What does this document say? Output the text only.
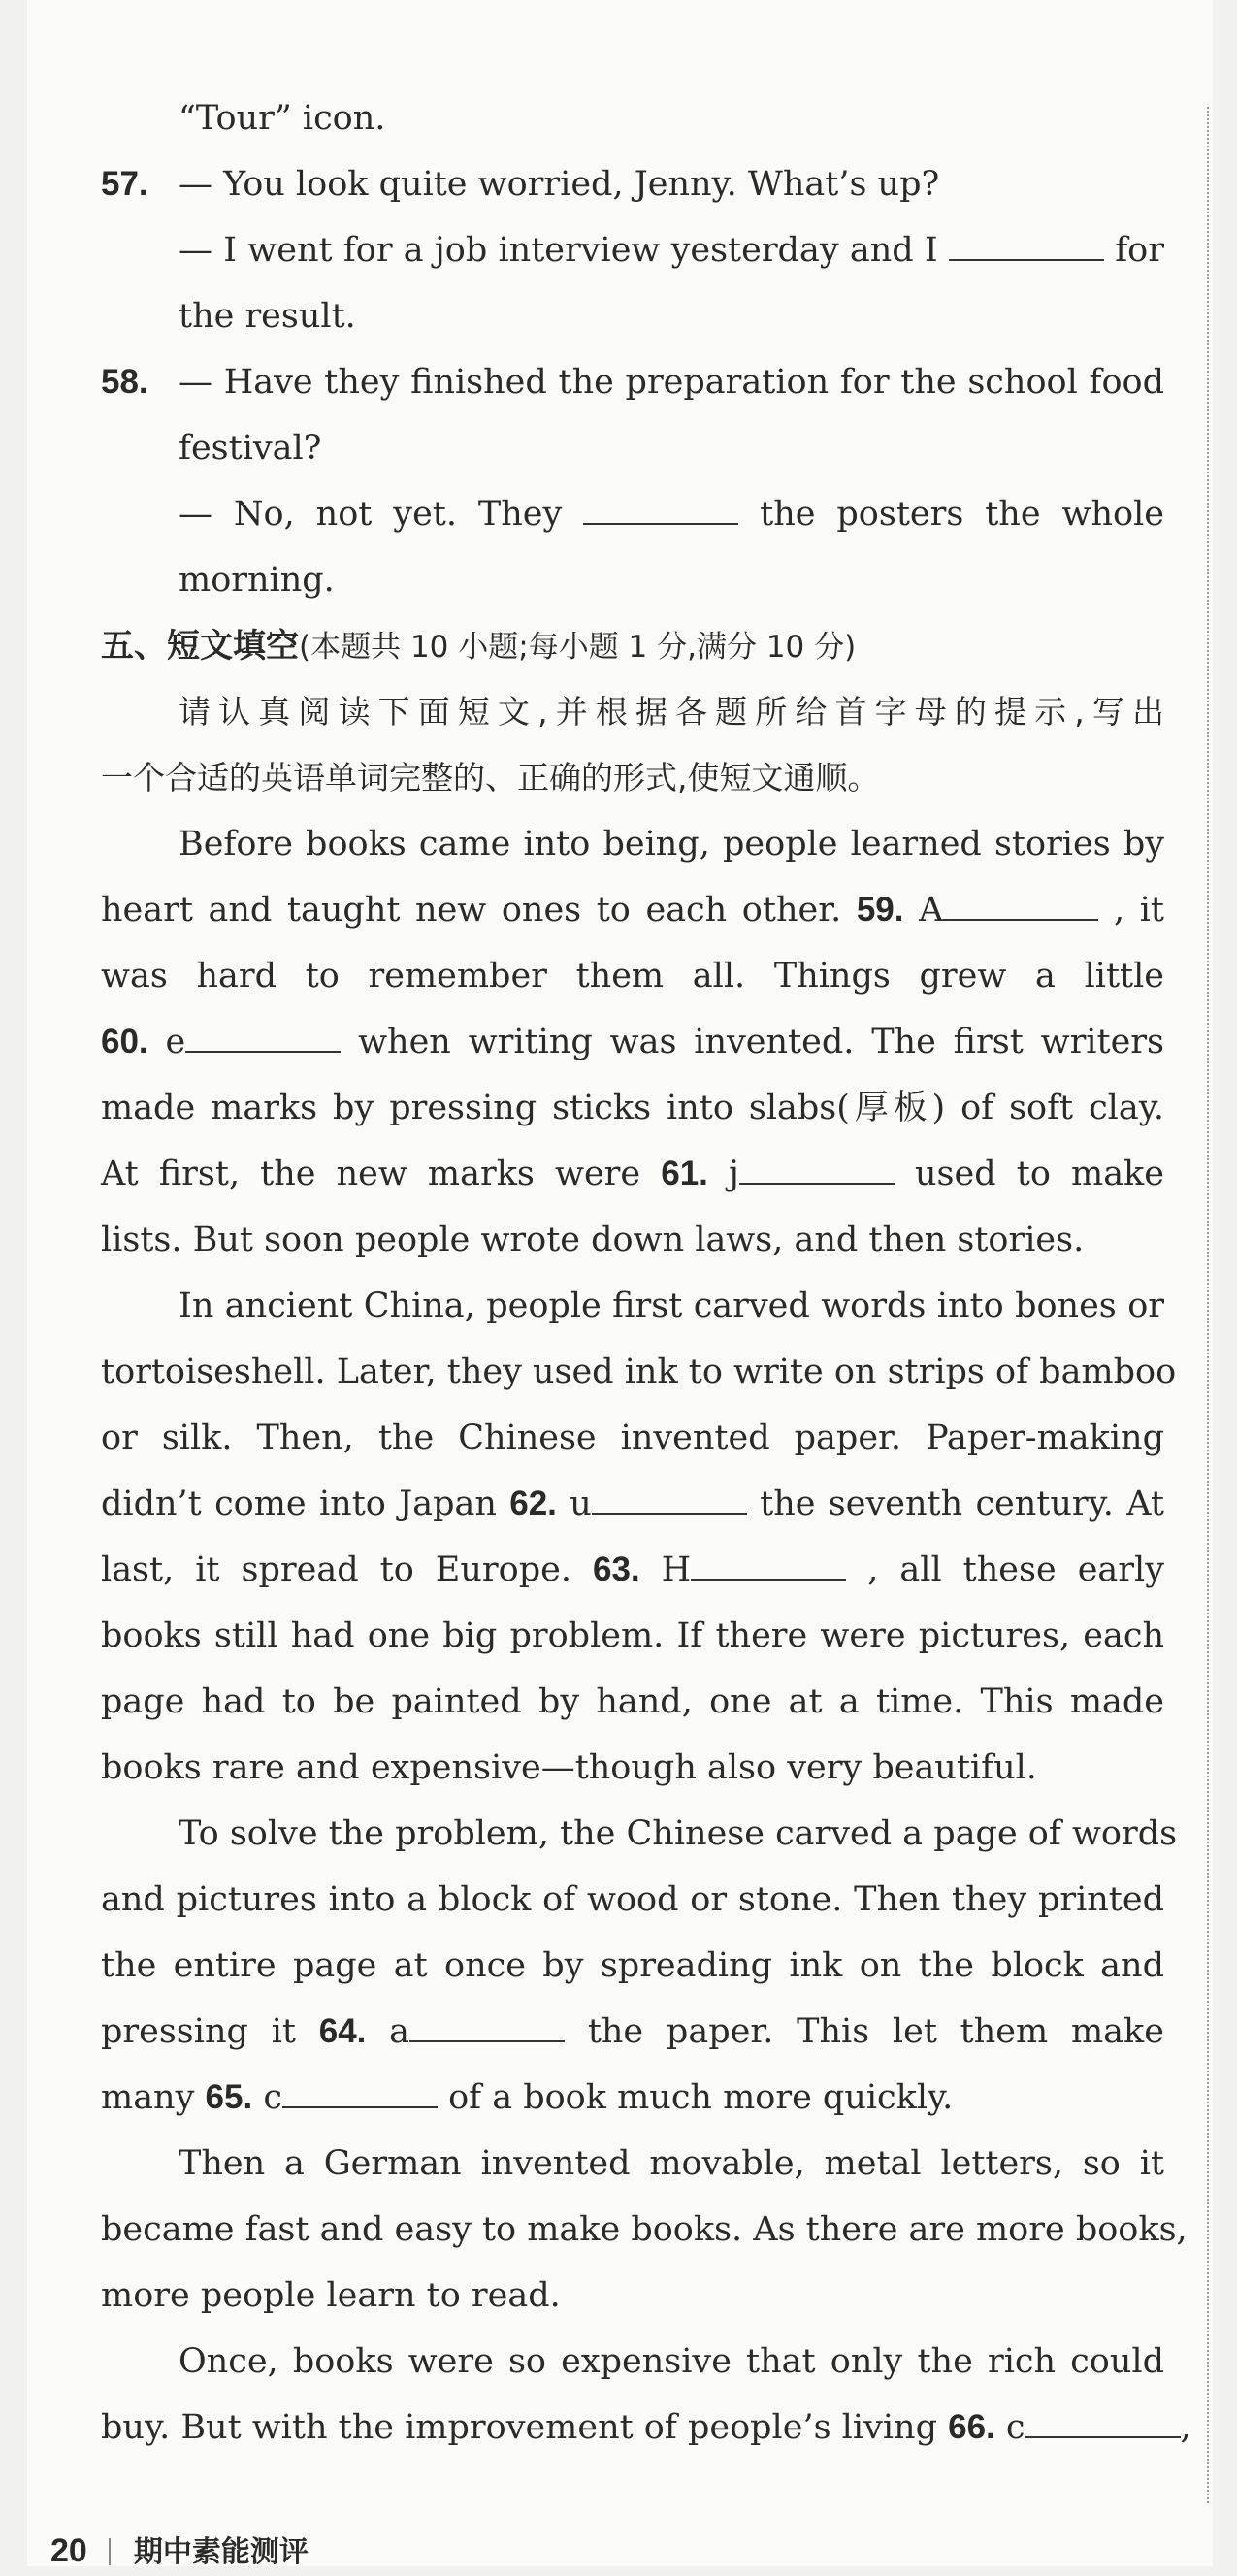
“Tour” icon.
57. — You look quite worried, Jenny. What’s up?
— I went for a job interview yesterday and I	for
the result.
58. — Have they finished the preparation for the school food
festival?
— No, not yet. They	the posters the whole
morning.
五、短文填空(本题共 10 小题;每小题 1 分,满分 10 分)
请认真阅读下面短文,并根据各题所给首字母的提示,写出
一个合适的英语单词完整的、正确的形式,使短文通顺。
Before books came into being, people learned stories by
heart and taught new ones to each other. 59. A	, it
was hard to remember them all. Things grew a little
60. e	when writing was invented. The first writers
made marks by pressing sticks into slabs(厚板) of soft clay.
At first, the new marks were 61. j	used to make
lists. But soon people wrote down laws, and then stories.
In ancient China, people first carved words into bones or
tortoiseshell. Later, they used ink to write on strips of bamboo
or silk. Then, the Chinese invented paper. Paper-making
didn’t come into Japan 62. u	the seventh century. At
last, it spread to Europe. 63. H	, all these early
books still had one big problem. If there were pictures, each
page had to be painted by hand, one at a time. This made
books rare and expensive—though also very beautiful.
To solve the problem, the Chinese carved a page of words
and pictures into a block of wood or stone. Then they printed
the entire page at once by spreading ink on the block and
pressing it 64. a	the paper. This let them make
many 65. c	of a book much more quickly.
Then a German invented movable, metal letters, so it
became fast and easy to make books. As there are more books,
more people learn to read.
Once, books were so expensive that only the rich could
buy. But with the improvement of people’s living 66. c	,
20 期中素能测评
